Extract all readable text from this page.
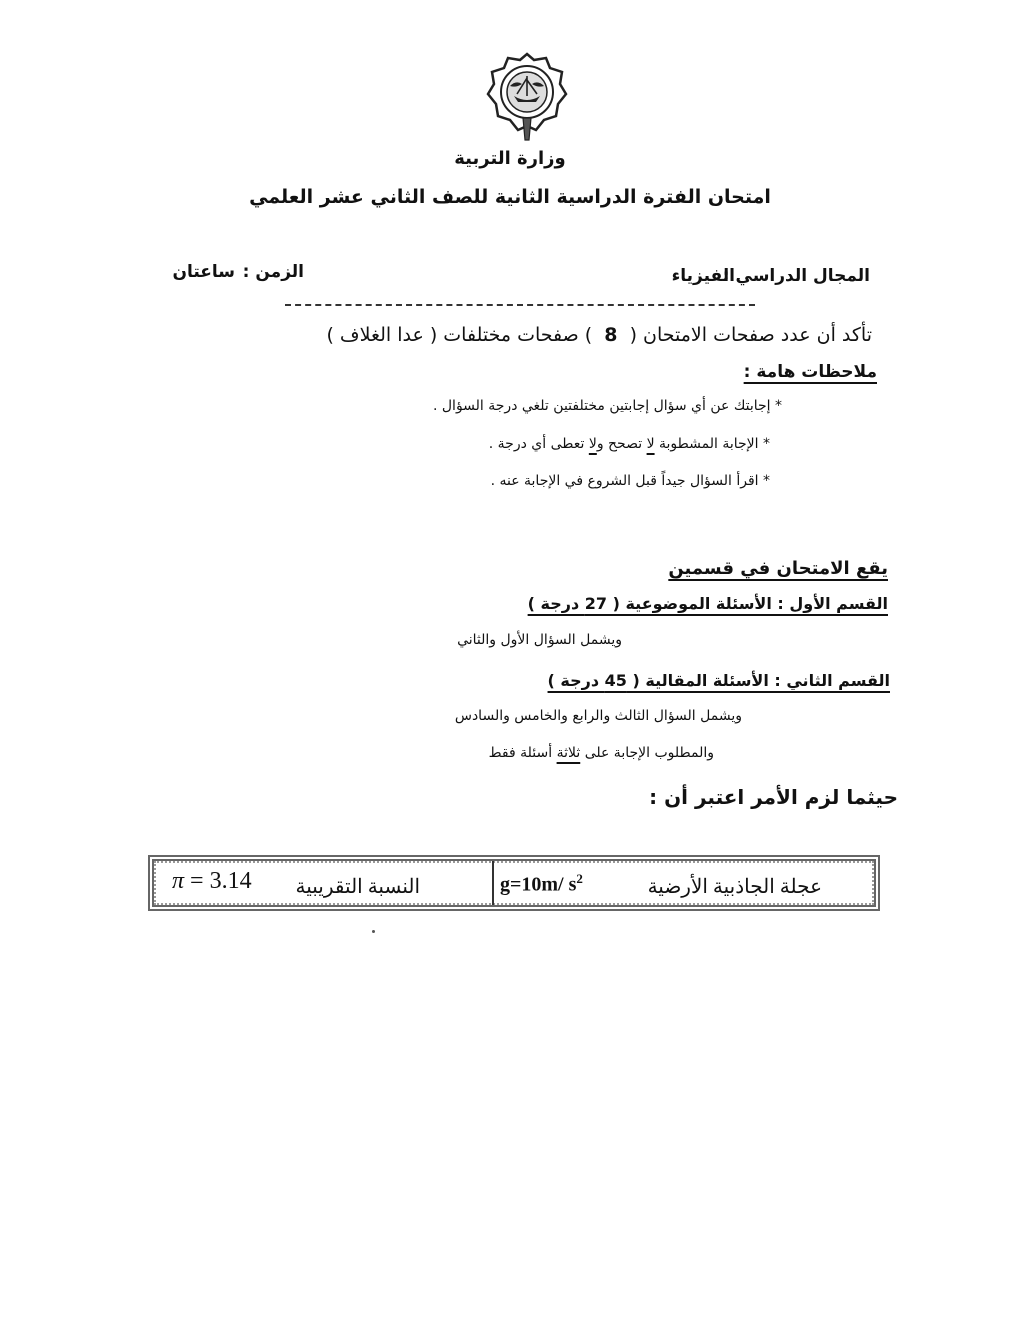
وزارة التربية
امتحان الفترة الدراسية الثانية للصف الثاني عشر العلمي
المجال الدراسي :
الفيزياء
الزمن :
ساعتان
تأكد أن عدد صفحات الامتحان ( 8 ) صفحات مختلفات ( عدا الغلاف )
ملاحظات هامة :
* إجابتك عن أي سؤال إجابتين مختلفتين تلغي درجة السؤال .
* الإجابة المشطوبة لا تصحح ولا تعطى أي درجة .
* اقرأ السؤال جيداً قبل الشروع في الإجابة عنه .
يقع الامتحان في قسمين
القسم الأول : الأسئلة الموضوعية ( 27 درجة )
ويشمل السؤال الأول والثاني
القسم الثاني : الأسئلة المقالية ( 45 درجة )
ويشمل السؤال الثالث والرابع والخامس والسادس
والمطلوب الإجابة على ثلاثة أسئلة فقط
حيثما لزم الأمر اعتبر أن :
π = 3.14 النسبة التقريبية	g=10m/ $s^2$	عجلة الجاذبية الأرضية
